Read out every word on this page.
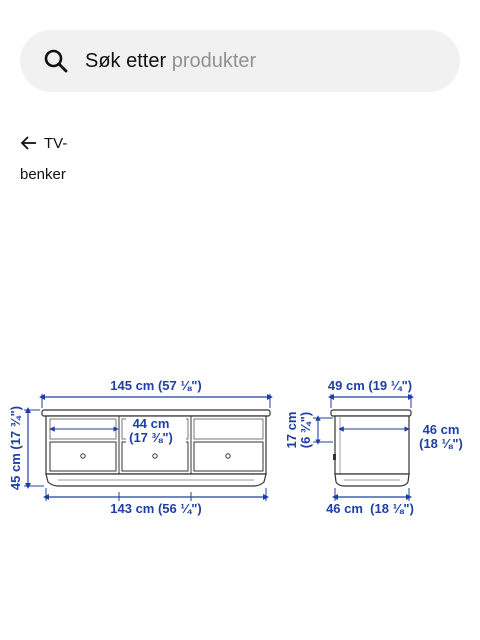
Søk etter produkter
TV-
benker
145 cm (57 ⅛")
44 cm
(17 ⅜")
45 cm (17 ¾")
143 cm (56 ¼")
49 cm (19 ¼")
17 cm (6 ¾")	46 cm
(18 ⅛")
46 cm  (18 ⅛")
